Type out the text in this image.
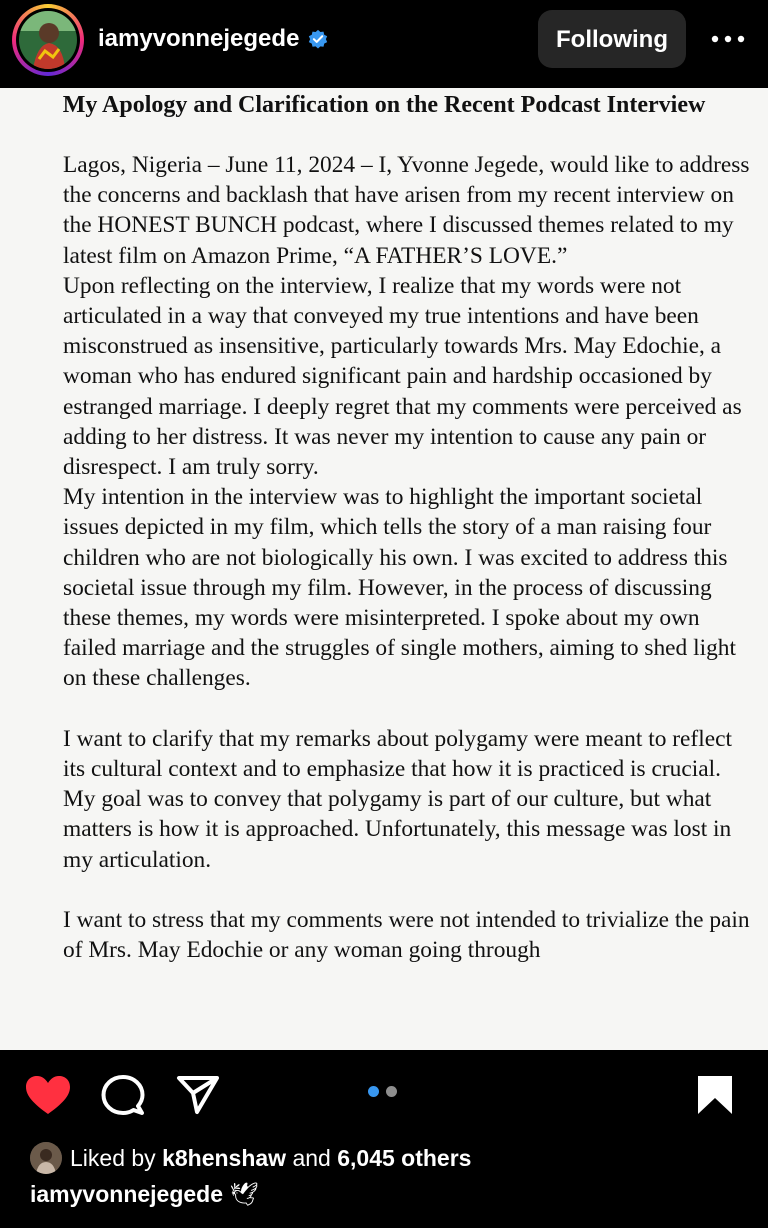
iamyvonnejegede	Following
My Apology and Clarification on the Recent Podcast Interview

Lagos, Nigeria – June 11, 2024 – I, Yvonne Jegede, would like to address the concerns and backlash that have arisen from my recent interview on the HONEST BUNCH podcast, where I discussed themes related to my latest film on Amazon Prime, “A FATHER’S LOVE.”

Upon reflecting on the interview, I realize that my words were not articulated in a way that conveyed my true intentions and have been misconstrued as insensitive, particularly towards Mrs. May Edochie, a woman who has endured significant pain and hardship occasioned by estranged marriage. I deeply regret that my comments were perceived as adding to her distress. It was never my intention to cause any pain or disrespect. I am truly sorry.

My intention in the interview was to highlight the important societal issues depicted in my film, which tells the story of a man raising four children who are not biologically his own. I was excited to address this societal issue through my film. However, in the process of discussing these themes, my words were misinterpreted. I spoke about my own failed marriage and the struggles of single mothers, aiming to shed light on these challenges.

I want to clarify that my remarks about polygamy were meant to reflect its cultural context and to emphasize that how it is practiced is crucial. My goal was to convey that polygamy is part of our culture, but what matters is how it is approached. Unfortunately, this message was lost in my articulation.

I want to stress that my comments were not intended to trivialize the pain of Mrs. May Edochie or any woman going through

Liked by k8henshaw and 6,045 others
iamyvonnejegede 🕊
